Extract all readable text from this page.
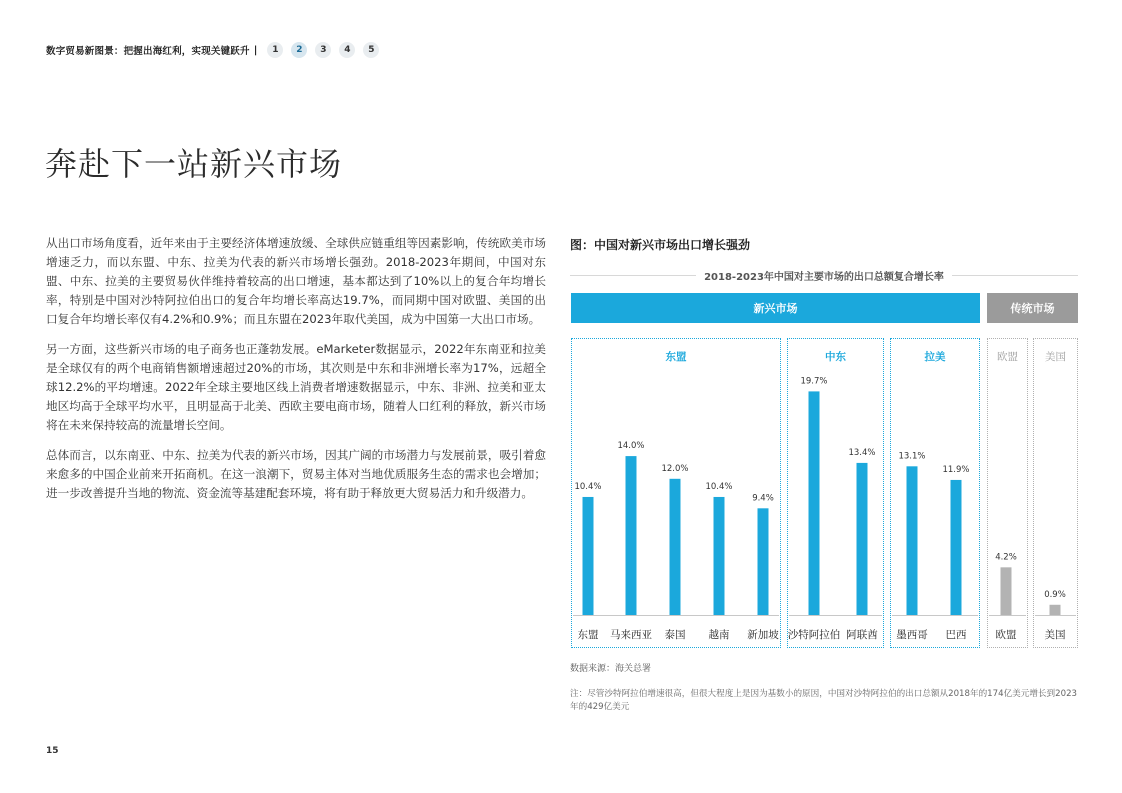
数字贸易新图景：把握出海红利，实现关键跃升 |	1	2	3	4	5
奔赴下一站新兴市场

从出口市场角度看，近年来由于主要经济体增速放缓、全球供应链重组等因素影响，传统欧美市场增速乏力，而以东盟、中东、拉美为代表的新兴市场增长强劲。2018-2023年期间，中国对东盟、中东、拉美的主要贸易伙伴维持着较高的出口增速，基本都达到了10%以上的复合年均增长率，特别是中国对沙特阿拉伯出口的复合年均增长率高达19.7%，而同期中国对欧盟、美国的出口复合年均增长率仅有4.2%和0.9%；而且东盟在2023年取代美国，成为中国第一大出口市场。

另一方面，这些新兴市场的电子商务也正蓬勃发展。eMarketer数据显示，2022年东南亚和拉美是全球仅有的两个电商销售额增速超过20%的市场，其次则是中东和非洲增长率为17%，远超全球12.2%的平均增速。2022年全球主要地区线上消费者增速数据显示，中东、非洲、拉美和亚太地区均高于全球平均水平，且明显高于北美、西欧主要电商市场，随着人口红利的释放，新兴市场将在未来保持较高的流量增长空间。

总体而言，以东南亚、中东、拉美为代表的新兴市场，因其广阔的市场潜力与发展前景，吸引着愈来愈多的中国企业前来开拓商机。在这一浪潮下，贸易主体对当地优质服务生态的需求也会增加；进一步改善提升当地的物流、资金流等基建配套环境，将有助于释放更大贸易活力和升级潜力。

图：中国对新兴市场出口增长强劲
2018-2023年中国对主要市场的出口总额复合增长率
新兴市场	传统市场
东盟	中东	拉美	欧盟	美国
10.4%
东盟
14.0%
马来西亚
12.0%
泰国
10.4%
越南
9.4%
新加坡
19.7%
沙特阿拉伯
13.4%
阿联酋
13.1%
墨西哥
11.9%
巴西
4.2%
欧盟
0.9%
美国
数据来源：海关总署
注：尽管沙特阿拉伯增速很高，但很大程度上是因为基数小的原因，中国对沙特阿拉伯的出口总额从2018年的174亿美元增长到2023年的429亿美元
15
